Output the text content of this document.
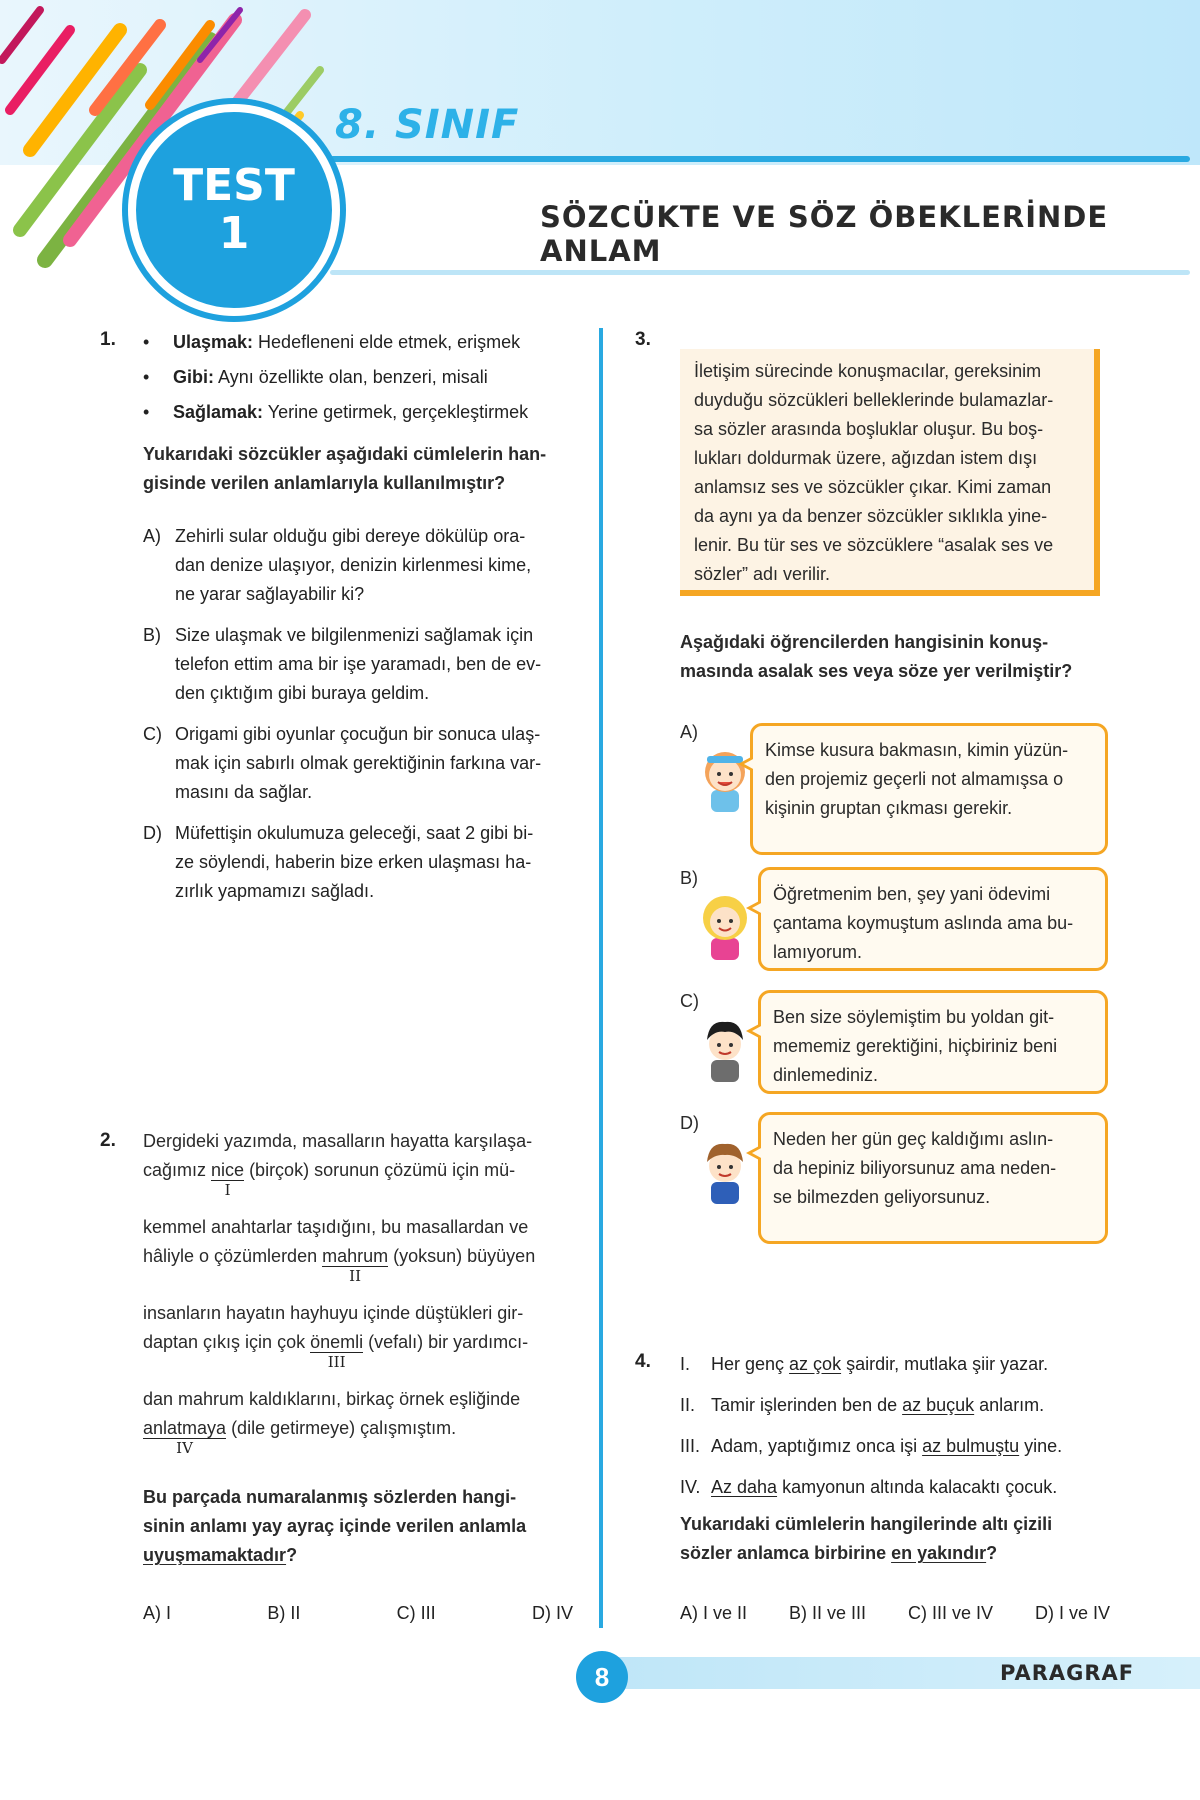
8. SINIF
SÖZCÜKTE VE SÖZ ÖBEKLERİNDE ANLAM
TEST
1
1. •	Ulaşmak: Hedefleneni elde etmek, erişmek
•	Gibi: Aynı özellikte olan, benzeri, misali
•	Sağlamak: Yerine getirmek, gerçekleştirmek
Yukarıdaki sözcükler aşağıdaki cümlelerin han-
gisinde verilen anlamlarıyla kullanılmıştır?
A) Zehirli sular olduğu gibi dereye dökülüp ora-
dan denize ulaşıyor, denizin kirlenmesi kime,
ne yarar sağlayabilir ki?
B) Size ulaşmak ve bilgilenmenizi sağlamak için
telefon ettim ama bir işe yaramadı, ben de ev-
den çıktığım gibi buraya geldim.
C) Origami gibi oyunlar çocuğun bir sonuca ulaş-
mak için sabırlı olmak gerektiğinin farkına var-
masını da sağlar.
D) Müfettişin okulumuza geleceği, saat 2 gibi bi-
ze söylendi, haberin bize erken ulaşması ha-
zırlık yapmamızı sağladı.
2. Dergideki yazımda, masalların hayatta karşılaşa-
cağımız nice
I
(birçok) sorunun çözümü için mü-
kemmel anahtarlar taşıdığını, bu masallardan ve
hâliyle o çözümlerden mahrum
II
(yoksun) büyüyen
insanların hayatın hayhuyu içinde düştükleri gir-
daptan çıkış için çok önemli
III
(vefalı) bir yardımcı-
dan mahrum kaldıklarını, birkaç örnek eşliğinde
anlatmaya
IV
(dile getirmeye) çalışmıştım.
Bu parçada numaralanmış sözlerden hangi-
sinin anlamı yay ayraç içinde verilen anlamla
uyuşmamaktadır?
A) I	B) II	C) III	D) IV
3.
İletişim sürecinde konuşmacılar, gereksinim
duyduğu sözcükleri belleklerinde bulamazlar-
sa sözler arasında boşluklar oluşur. Bu boş-
lukları doldurmak üzere, ağızdan istem dışı
anlamsız ses ve sözcükler çıkar. Kimi zaman
da aynı ya da benzer sözcükler sıklıkla yine-
lenir. Bu tür ses ve sözcüklere “asalak ses ve
sözler” adı verilir.
Aşağıdaki öğrencilerden hangisinin konuş-
masında asalak ses veya söze yer verilmiştir?
A)
Kimse kusura bakmasın, kimin yüzün-
den projemiz geçerli not almamışsa o
kişinin gruptan çıkması gerekir.
B)
Öğretmenim ben, şey yani ödevimi
çantama koymuştum aslında ama bu-
lamıyorum.
C)
Ben size söylemiştim bu yoldan git-
mememiz gerektiğini, hiçbiriniz beni
dinlemediniz.
D)
Neden her gün geç kaldığımı aslın-
da hepiniz biliyorsunuz ama neden-
se bilmezden geliyorsunuz.
4. I.	Her genç az çok şairdir, mutlaka şiir yazar.
II. Tamir işlerinden ben de az buçuk anlarım.
III. Adam, yaptığımız onca işi az bulmuştu yine.
IV. Az daha kamyonun altında kalacaktı çocuk.
Yukarıdaki cümlelerin hangilerinde altı çizili
sözler anlamca birbirine en yakındır?
A) I ve II B) II ve III C) III ve IV D) I ve IV
8	PARAGRAF
